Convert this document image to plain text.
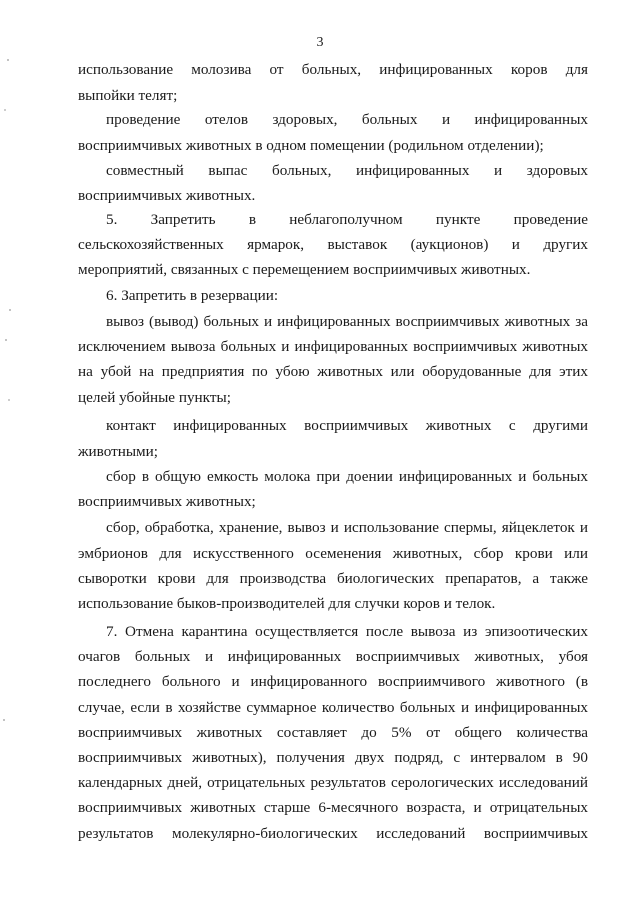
3
использование молозива от больных, инфицированных коров для
выпойки телят;
проведение отелов здоровых, больных и инфицированных
восприимчивых животных в одном помещении (родильном отделении);
совместный выпас больных, инфицированных и здоровых
восприимчивых животных.
5. Запретить в неблагополучном пункте проведение
сельскохозяйственных ярмарок, выставок (аукционов) и других
мероприятий, связанных с перемещением восприимчивых животных.
6. Запретить в резервации:
вывоз (вывод) больных и инфицированных восприимчивых животных за
исключением вывоза больных и инфицированных восприимчивых животных
на убой на предприятия по убою животных или оборудованные для этих
целей убойные пункты;
контакт инфицированных восприимчивых животных с другими
животными;
сбор в общую емкость молока при доении инфицированных и больных
восприимчивых животных;
сбор, обработка, хранение, вывоз и использование спермы, яйцеклеток и
эмбрионов для искусственного осеменения животных, сбор крови или
сыворотки крови для производства биологических препаратов, а также
использование быков-производителей для случки коров и телок.
7. Отмена карантина осуществляется после вывоза из эпизоотических
очагов больных и инфицированных восприимчивых животных, убоя
последнего больного и инфицированного восприимчивого животного (в
случае, если в хозяйстве суммарное количество больных и инфицированных
восприимчивых животных составляет до 5% от общего количества
восприимчивых животных), получения двух подряд, с интервалом в 90
календарных дней, отрицательных результатов серологических исследований
восприимчивых животных старше 6-месячного возраста, и отрицательных
результатов молекулярно-биологических исследований восприимчивых
